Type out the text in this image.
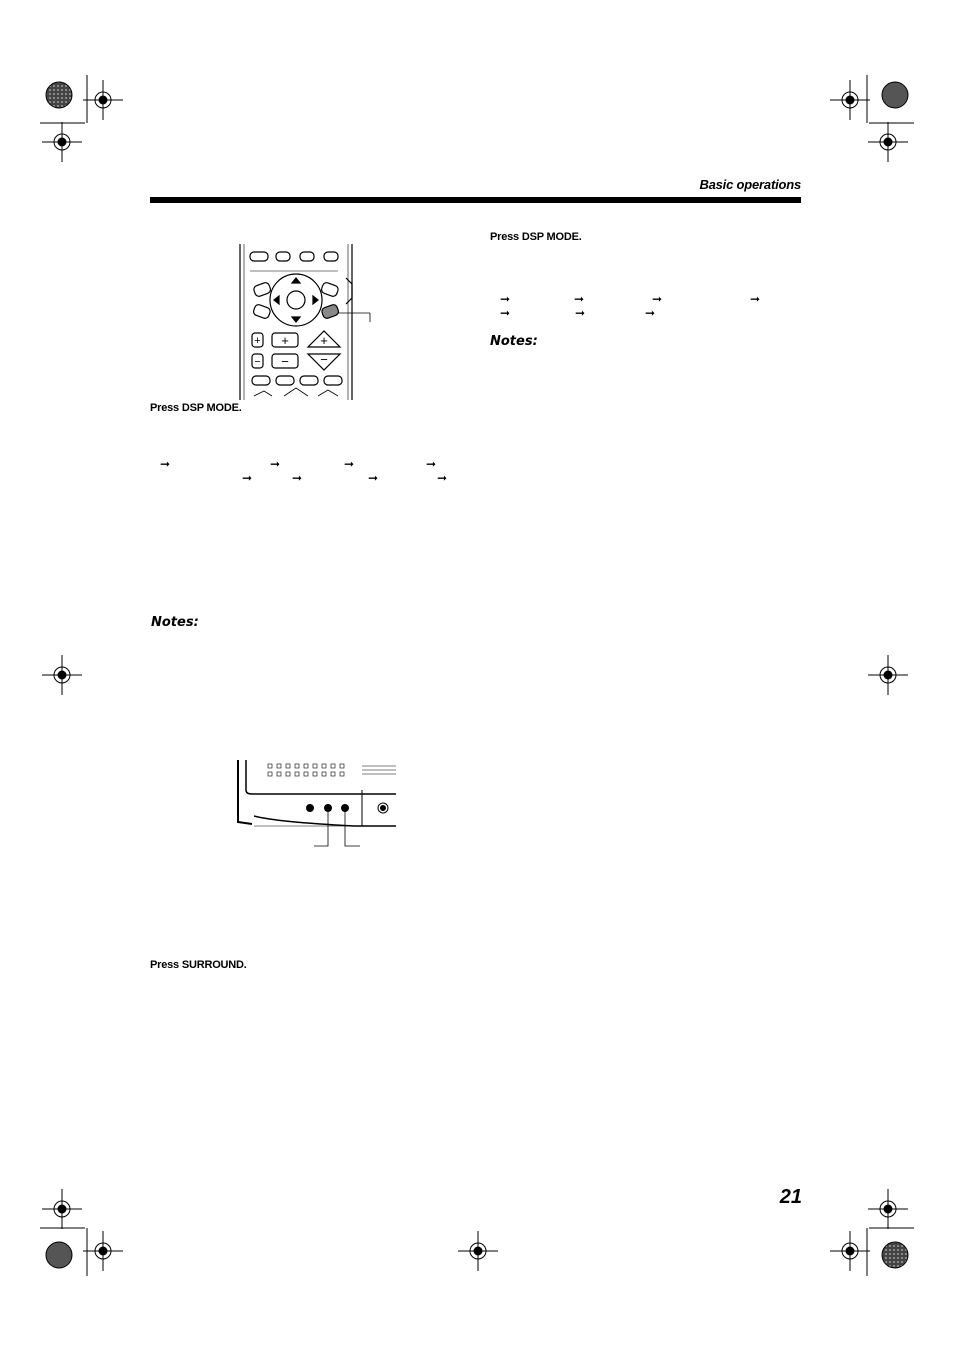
Basic operations
+ + +
− − −
Press DSP MODE.
➞	➞	➞	➞
➞	➞	➞	➞
Notes:
Press SURROUND.
Press DSP MODE.
➞	➞	➞	➞
➞	➞	➞
Notes:
21
